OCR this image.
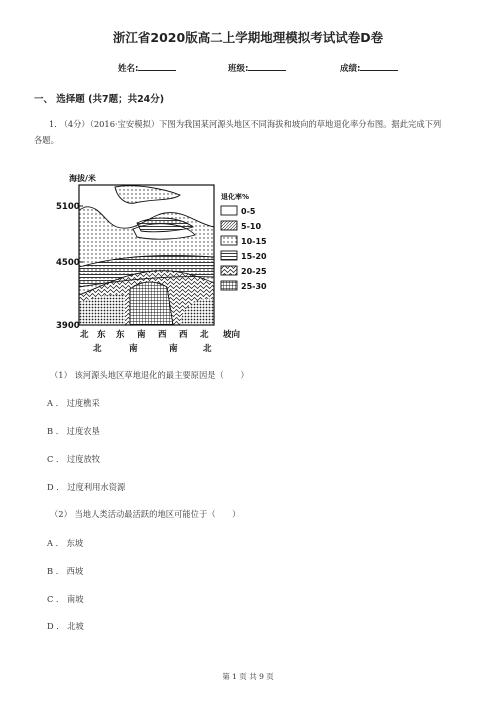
浙江省2020版高二上学期地理模拟考试试卷D卷
姓名:	班级:	成绩:
一、 选择题 (共7题；共24分)
1. （4分）（2016·宝安模拟）下图为我国某河源头地区不同海拔和坡向的草地退化率分布图。据此完成下列
各题。
海拔/米
5100
4500
3900
北 东 东 南 西 西 北
北	南	南	北
坡向
退化率%
0-5
5-10
10-15
15-20
20-25
25-30
（1） 该河源头地区草地退化的最主要原因是（　　）
A ． 过度樵采
B ． 过度农垦
C ． 过度放牧
D ． 过度利用水资源
（2） 当地人类活动最活跃的地区可能位于（　　）
A ． 东坡
B ． 西坡
C ． 南坡
D ． 北坡
第 1 页 共 9 页
